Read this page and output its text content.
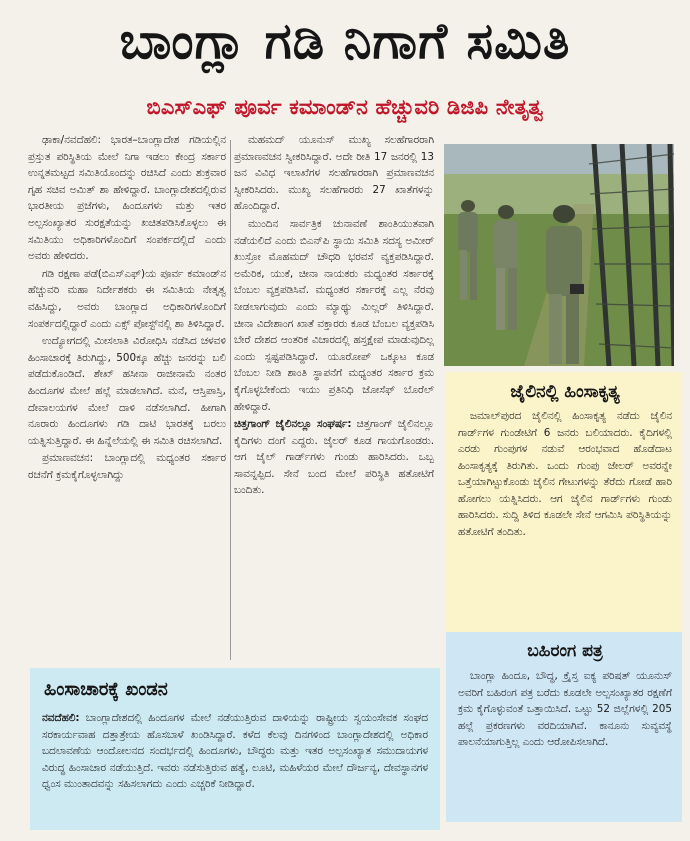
ಬಾಂಗ್ಲಾ ಗಡಿ ನಿಗಾಗೆ ಸಮಿತಿ
ಬಿಎಸ್‌ಎಫ್‌ ಪೂರ್ವ ಕಮಾಂಡ್‌ನ ಹೆಚ್ಚುವರಿ ಡಿಜಿಪಿ ನೇತೃತ್ವ

ಢಾಕಾ/ನವದೆಹಲಿ: ಭಾರತ–ಬಾಂಗ್ಲಾದೇಶ ಗಡಿಯಲ್ಲಿನ ಪ್ರಸ್ತುತ ಪರಿಸ್ಥಿತಿಯ ಮೇಲೆ ನಿಗಾ ಇಡಲು ಕೇಂದ್ರ ಸರ್ಕಾರ ಉನ್ನತಮಟ್ಟದ ಸಮಿತಿಯೊಂದನ್ನು ರಚಿಸಿದೆ ಎಂದು ಶುಕ್ರವಾರ ಗೃಹ ಸಚಿವ ಅಮಿತ್ ಶಾ ಹೇಳಿದ್ದಾರೆ. ಬಾಂಗ್ಲಾದೇಶದಲ್ಲಿರುವ ಭಾರತೀಯ ಪ್ರಜೆಗಳು, ಹಿಂದೂಗಳು ಮತ್ತು ಇತರ ಅಲ್ಪಸಂಖ್ಯಾತರ ಸುರಕ್ಷತೆಯನ್ನು ಖಚಿತಪಡಿಸಿಕೊಳ್ಳಲು ಈ ಸಮಿತಿಯು ಅಧಿಕಾರಿಗಳೊಂದಿಗೆ ಸಂಪರ್ಕದಲ್ಲಿದೆ ಎಂದು ಅವರು ಹೇಳಿದರು.

ಗಡಿ ರಕ್ಷಣಾ ಪಡೆ(ಬಿಎಸ್‌ಎಫ್‌)ಯ ಪೂರ್ವ ಕಮಾಂಡ್‌ನ ಹೆಚ್ಚುವರಿ ಮಹಾ ನಿರ್ದೇಶಕರು ಈ ಸಮಿತಿಯ ನೇತೃತ್ವ ವಹಿಸಿದ್ದು, ಅವರು ಬಾಂಗ್ಲಾದ ಅಧಿಕಾರಿಗಳೊಂದಿಗೆ ಸಂಪರ್ಕದಲ್ಲಿದ್ದಾರೆ ಎಂದು ಎಕ್ಸ್‌ ಪೋಸ್ಟ್‌ನಲ್ಲಿ ಶಾ ತಿಳಿಸಿದ್ದಾರೆ.

ಉದ್ಯೋಗದಲ್ಲಿ ಮೀಸಲಾತಿ ವಿರೋಧಿಸಿ ನಡೆಸಿದ ಚಳವಳಿ ಹಿಂಸಾಚಾರಕ್ಕೆ ತಿರುಗಿದ್ದು, 500ಕ್ಕೂ ಹೆಚ್ಚು ಜನರನ್ನು ಬಲಿ ಪಡೆದುಕೊಂಡಿದೆ. ಶೇಖ್ ಹಸೀನಾ ರಾಜೀನಾಮೆ ನಂತರ ಹಿಂದೂಗಳ ಮೇಲೆ ಹಲ್ಲೆ ಮಾಡಲಾಗಿದೆ. ಮನೆ, ಆಸ್ತಿಪಾಸ್ತಿ, ದೇವಾಲಯಗಳ ಮೇಲೆ ದಾಳಿ ನಡೆಸಲಾಗಿದೆ. ಹೀಗಾಗಿ ನೂರಾರು ಹಿಂದೂಗಳು ಗಡಿ ದಾಟಿ ಭಾರತಕ್ಕೆ ಬರಲು ಯತ್ನಿಸುತ್ತಿದ್ದಾರೆ. ಈ ಹಿನ್ನೆಲೆಯಲ್ಲಿ ಈ ಸಮಿತಿ ರಚಿಸಲಾಗಿದೆ.

ಪ್ರಮಾಣವಚನ: ಬಾಂಗ್ಲಾದಲ್ಲಿ ಮಧ್ಯಂತರ ಸರ್ಕಾರ ರಚನೆಗೆ ಕ್ರಮಕೈಗೊಳ್ಳಲಾಗಿದ್ದು

ಮಹಮದ್ ಯೂನುಸ್ ಮುಖ್ಯ ಸಲಹೆಗಾರರಾಗಿ ಪ್ರಮಾಣವಚನ ಸ್ವೀಕರಿಸಿದ್ದಾರೆ. ಅದೇ ರೀತಿ 17 ಜನರಲ್ಲಿ 13 ಜನ ವಿವಿಧ ಇಲಾಖೆಗಳ ಸಲಹೆಗಾರರಾಗಿ ಪ್ರಮಾಣವಚನ ಸ್ವೀಕರಿಸಿದರು. ಮುಖ್ಯ ಸಲಹೆಗಾರರು 27 ಖಾತೆಗಳನ್ನು ಹೊಂದಿದ್ದಾರೆ.

ಮುಂದಿನ ಸಾರ್ವತ್ರಿಕ ಚುನಾವಣೆ ಶಾಂತಿಯುತವಾಗಿ ನಡೆಯಲಿದೆ ಎಂದು ಬಿಎನ್‌ಪಿ ಸ್ಥಾಯಿ ಸಮಿತಿ ಸದಸ್ಯ ಅಮೀರ್ ಖುಸ್ರೋ ಮೊಹಮದ್ ಚೌಧರಿ ಭರವಸೆ ವ್ಯಕ್ತಪಡಿಸಿದ್ದಾರೆ. ಅಮೆರಿಕ, ಯುಕೆ, ಚೀನಾ ನಾಯಕರು ಮಧ್ಯಂತರ ಸರ್ಕಾರಕ್ಕೆ ಬೆಂಬಲ ವ್ಯಕ್ತಪಡಿಸಿವೆ. ಮಧ್ಯಂತರ ಸರ್ಕಾರಕ್ಕೆ ಎಲ್ಲ ನೆರವು ನೀಡಲಾಗುವುದು ಎಂದು ಮ್ಯಾಥ್ಯು ಮಿಲ್ಲರ್ ತಿಳಿಸಿದ್ದಾರೆ. ಚೀನಾ ವಿದೇಶಾಂಗ ಖಾತೆ ವಕ್ತಾರರು ಕೂಡ ಬೆಂಬಲ ವ್ಯಕ್ತಪಡಿಸಿ ಬೇರೆ ದೇಶದ ಆಂತರಿಕ ವಿಚಾರದಲ್ಲಿ ಹಸ್ತಕ್ಷೇಪ ಮಾಡುವುದಿಲ್ಲ ಎಂದು ಸ್ಪಷ್ಟಪಡಿಸಿದ್ದಾರೆ. ಯೂರೋಪ್‌ ಒಕ್ಕೂಟ ಕೂಡ ಬೆಂಬಲ ನೀಡಿ ಶಾಂತಿ ಸ್ಥಾಪನೆಗೆ ಮಧ್ಯಂತರ ಸರ್ಕಾರ ಕ್ರಮ ಕೈಗೊಳ್ಳಬೇಕೆಂದು ಇಯು ಪ್ರತಿನಿಧಿ ಜೋಸೆಫ್ ಬೊರೆಲ್ ಹೇಳಿದ್ದಾರೆ.

ಚಿತ್ತಗಾಂಗ್ ಜೈಲಿನಲ್ಲೂ ಸಂಘರ್ಷ: ಚಿತ್ತಗಾಂಗ್ ಜೈಲಿನಲ್ಲೂ ಕೈದಿಗಳು ದಂಗೆ ಎದ್ದರು. ಜೈಲರ್ ಕೂಡ ಗಾಯಗೊಂಡರು. ಆಗ ಜೈಲ್ ಗಾರ್ಡ್‌ಗಳು ಗುಂಡು ಹಾರಿಸಿದರು. ಒಬ್ಬ ಸಾವನ್ನಪ್ಪಿದ. ಸೇನೆ ಬಂದ ಮೇಲೆ ಪರಿಸ್ಥಿತಿ ಹತೋಟಿಗೆ ಬಂದಿತು.

ಜೈಲಿನಲ್ಲಿ ಹಿಂಸಾಕೃತ್ಯ

ಜಮಾಲ್‌ಪುರದ ಜೈಲಿನಲ್ಲಿ ಹಿಂಸಾಕೃತ್ಯ ನಡೆದು ಜೈಲಿನ ಗಾರ್ಡ್‌ಗಳ ಗುಂಡೇಟಿಗೆ 6 ಜನರು ಬಲಿಯಾದರು. ಕೈದಿಗಳಲ್ಲಿ ಎರಡು ಗುಂಪುಗಳ ನಡುವೆ ಆರಂಭವಾದ ಹೊಡೆದಾಟ ಹಿಂಸಾಕೃತ್ಯಕ್ಕೆ ತಿರುಗಿತು. ಒಂದು ಗುಂಪು ಜೇಲರ್ ಅವರನ್ನೇ ಒತ್ತೆಯಾಗಿಟ್ಟುಕೊಂಡು ಜೈಲಿನ ಗೇಟುಗಳನ್ನು ತೆರೆದು ಗೋಡೆ ಹಾರಿ ಹೋಗಲು ಯತ್ನಿಸಿದರು. ಆಗ ಜೈಲಿನ ಗಾರ್ಡ್‌ಗಳು ಗುಂಡು ಹಾರಿಸಿದರು. ಸುದ್ದಿ ತಿಳಿದ ಕೂಡಲೇ ಸೇನೆ ಆಗಮಿಸಿ ಪರಿಸ್ಥಿತಿಯನ್ನು ಹತೋಟಿಗೆ ತಂದಿತು.

ಬಹಿರಂಗ ಪತ್ರ

ಬಾಂಗ್ಲಾ ಹಿಂದೂ, ಬೌದ್ಧ, ಕ್ರೈಸ್ತ ಐಕ್ಯ ಪರಿಷತ್ ಯೂನುಸ್ ಅವರಿಗೆ ಬಹಿರಂಗ ಪತ್ರ ಬರೆದು ಕೂಡಲೇ ಅಲ್ಪಸಂಖ್ಯಾತರ ರಕ್ಷಣೆಗೆ ಕ್ರಮ ಕೈಗೊಳ್ಳುವಂತೆ ಒತ್ತಾಯಿಸಿದೆ. ಒಟ್ಟು 52 ಜಿಲ್ಲೆಗಳಲ್ಲಿ 205 ಹಲ್ಲೆ ಪ್ರಕರಣಗಳು ವರದಿಯಾಗಿವೆ. ಕಾನೂನು ಸುವ್ಯವಸ್ಥೆ ಪಾಲನೆಯಾಗುತ್ತಿಲ್ಲ ಎಂದು ಆರೋಪಿಸಲಾಗಿದೆ.

ಹಿಂಸಾಚಾರಕ್ಕೆ ಖಂಡನ

ನವದೆಹಲಿ: ಬಾಂಗ್ಲಾದೇಶದಲ್ಲಿ ಹಿಂದೂಗಳ ಮೇಲೆ ನಡೆಯುತ್ತಿರುವ ದಾಳಿಯನ್ನು ರಾಷ್ಟ್ರೀಯ ಸ್ವಯಂಸೇವಕ ಸಂಘದ ಸರಕಾರ್ಯವಾಹ ದತ್ತಾತ್ರೇಯ ಹೊಸಬಾಳೆ ಖಂಡಿಸಿದ್ದಾರೆ. ಕಳೆದ ಕೆಲವು ದಿನಗಳಿಂದ ಬಾಂಗ್ಲಾದೇಶದಲ್ಲಿ ಅಧಿಕಾರ ಬದಲಾವಣೆಯ ಆಂದೋಲನದ ಸಂದರ್ಭದಲ್ಲಿ ಹಿಂದೂಗಳು, ಬೌದ್ಧರು ಮತ್ತು ಇತರ ಅಲ್ಪಸಂಖ್ಯಾತ ಸಮುದಾಯಗಳ ವಿರುದ್ಧ ಹಿಂಸಾಚಾರ ನಡೆಯುತ್ತಿದೆ. ಇವರು ನಡೆಸುತ್ತಿರುವ ಹತ್ಯೆ, ಲೂಟಿ, ಮಹಿಳೆಯರ ಮೇಲೆ ದೌರ್ಜನ್ಯ, ದೇವಸ್ಥಾನಗಳ ಧ್ವಂಸ ಮುಂತಾದವನ್ನು ಸಹಿಸಲಾಗದು ಎಂದು ಎಚ್ಚರಿಕೆ ನೀಡಿದ್ದಾರೆ.
